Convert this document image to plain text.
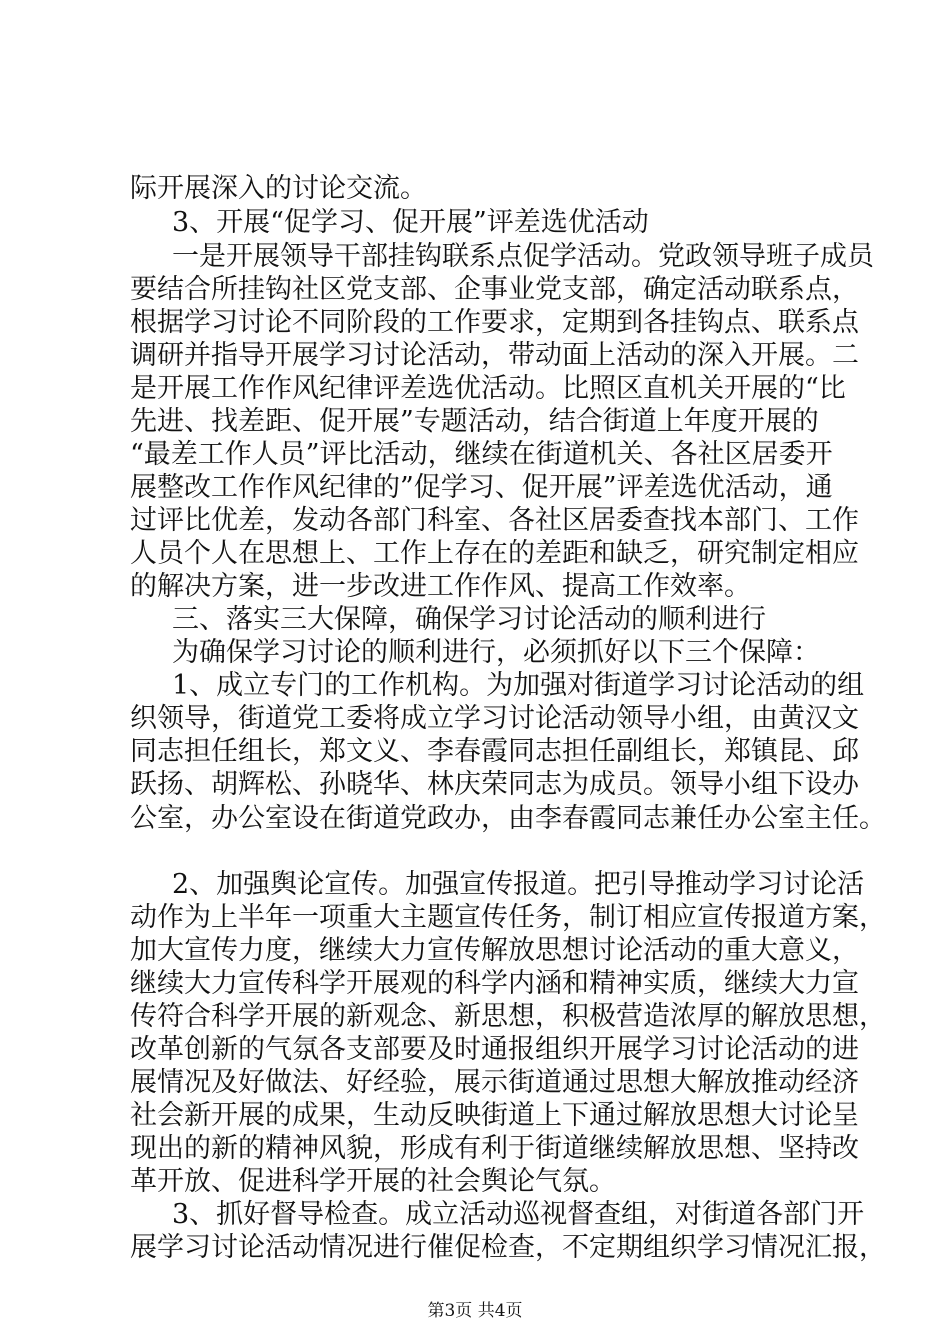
际开展深入的讨论交流。
3、开展“促学习、促开展”评差选优活动
一是开展领导干部挂钩联系点促学活动。党政领导班子成员
要结合所挂钩社区党支部、企事业党支部，确定活动联系点，
根据学习讨论不同阶段的工作要求，定期到各挂钩点、联系点
调研并指导开展学习讨论活动，带动面上活动的深入开展。二
是开展工作作风纪律评差选优活动。比照区直机关开展的“比
先进、找差距、促开展”专题活动，结合街道上年度开展的
“最差工作人员”评比活动，继续在街道机关、各社区居委开
展整改工作作风纪律的”促学习、促开展”评差选优活动，通
过评比优差，发动各部门科室、各社区居委查找本部门、工作
人员个人在思想上、工作上存在的差距和缺乏，研究制定相应
的解决方案，进一步改进工作作风、提高工作效率。
三、落实三大保障，确保学习讨论活动的顺利进行
为确保学习讨论的顺利进行，必须抓好以下三个保障：
1、成立专门的工作机构。为加强对街道学习讨论活动的组
织领导，街道党工委将成立学习讨论活动领导小组，由黄汉文
同志担任组长，郑文义、李春霞同志担任副组长，郑镇昆、邱
跃扬、胡辉松、孙晓华、林庆荣同志为成员。领导小组下设办
公室，办公室设在街道党政办，由李春霞同志兼任办公室主任。
2、加强舆论宣传。加强宣传报道。把引导推动学习讨论活
动作为上半年一项重大主题宣传任务，制订相应宣传报道方案，
加大宣传力度，继续大力宣传解放思想讨论活动的重大意义，
继续大力宣传科学开展观的科学内涵和精神实质，继续大力宣
传符合科学开展的新观念、新思想，积极营造浓厚的解放思想，
改革创新的气氛各支部要及时通报组织开展学习讨论活动的进
展情况及好做法、好经验，展示街道通过思想大解放推动经济
社会新开展的成果，生动反映街道上下通过解放思想大讨论呈
现出的新的精神风貌，形成有利于街道继续解放思想、坚持改
革开放、促进科学开展的社会舆论气氛。
3、抓好督导检查。成立活动巡视督查组，对街道各部门开
展学习讨论活动情况进行催促检查，不定期组织学习情况汇报，
第3页 共4页
